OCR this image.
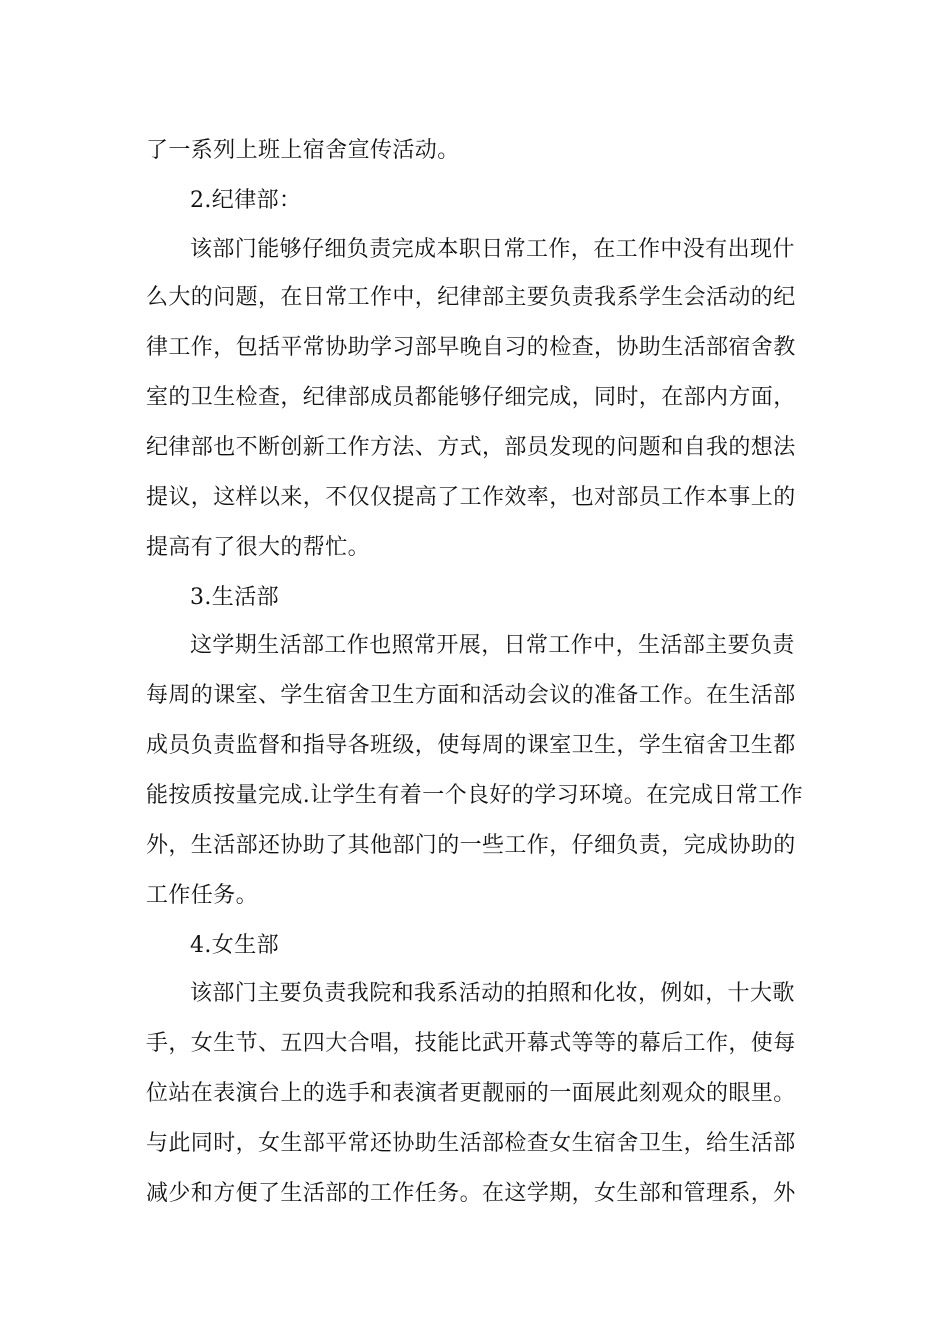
了一系列上班上宿舍宣传活动。
2.纪律部：
该部门能够仔细负责完成本职日常工作，在工作中没有出现什
么大的问题，在日常工作中，纪律部主要负责我系学生会活动的纪
律工作，包括平常协助学习部早晚自习的检查，协助生活部宿舍教
室的卫生检查，纪律部成员都能够仔细完成，同时，在部内方面，
纪律部也不断创新工作方法、方式，部员发现的问题和自我的想法
提议，这样以来，不仅仅提高了工作效率，也对部员工作本事上的
提高有了很大的帮忙。
3.生活部
这学期生活部工作也照常开展，日常工作中，生活部主要负责
每周的课室、学生宿舍卫生方面和活动会议的准备工作。在生活部
成员负责监督和指导各班级，使每周的课室卫生，学生宿舍卫生都
能按质按量完成.让学生有着一个良好的学习环境。在完成日常工作
外，生活部还协助了其他部门的一些工作，仔细负责，完成协助的
工作任务。
4.女生部
该部门主要负责我院和我系活动的拍照和化妆，例如，十大歌
手，女生节、五四大合唱，技能比武开幕式等等的幕后工作，使每
位站在表演台上的选手和表演者更靓丽的一面展此刻观众的眼里。
与此同时，女生部平常还协助生活部检查女生宿舍卫生，给生活部
减少和方便了生活部的工作任务。在这学期，女生部和管理系，外
